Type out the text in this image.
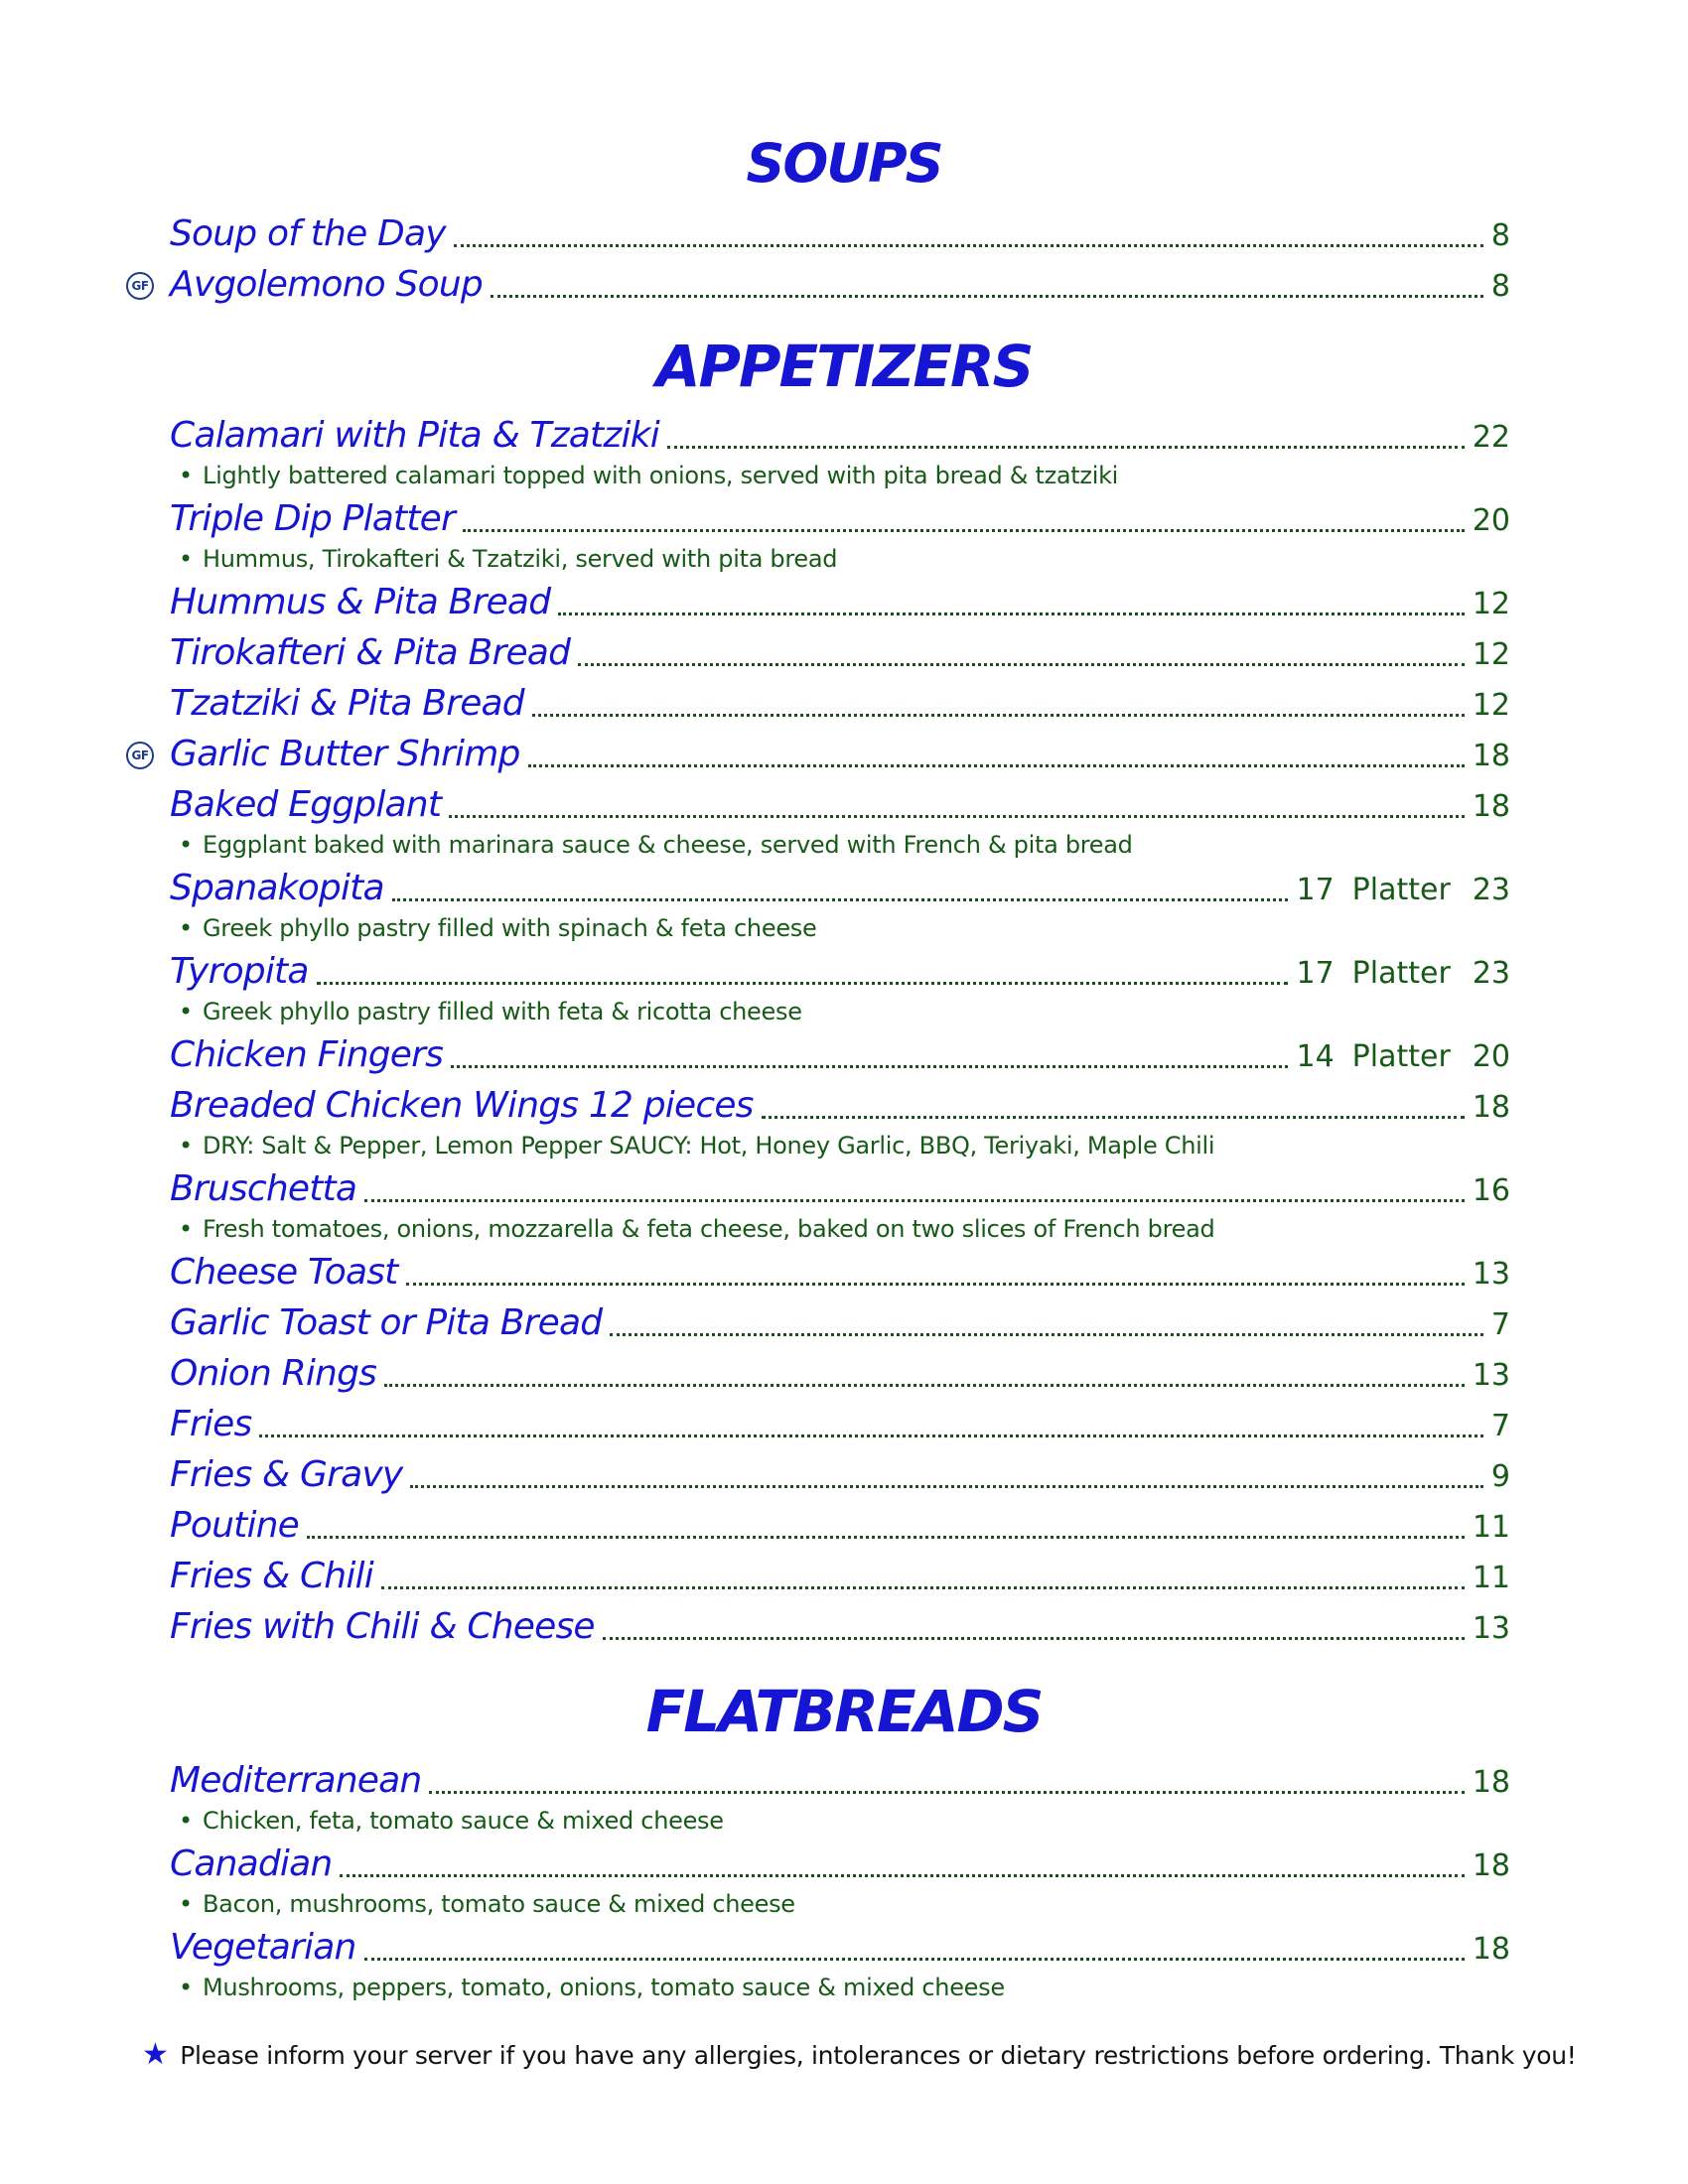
SOUPS
Soup of the Day	8
GF Avgolemono Soup	8
APPETIZERS
Calamari with Pita & Tzatziki	22
• Lightly battered calamari topped with onions, served with pita bread & tzatziki
Triple Dip Platter	20
• Hummus, Tirokafteri & Tzatziki, served with pita bread
Hummus & Pita Bread	12
Tirokafteri & Pita Bread	12
Tzatziki & Pita Bread	12
GF Garlic Butter Shrimp	18
Baked Eggplant	18
• Eggplant baked with marinara sauce & cheese, served with French & pita bread
Spanakopita	17 Platter 23
• Greek phyllo pastry filled with spinach & feta cheese
Tyropita	17 Platter 23
• Greek phyllo pastry filled with feta & ricotta cheese
Chicken Fingers	14 Platter 20
Breaded Chicken Wings 12 pieces	18
• DRY: Salt & Pepper, Lemon Pepper SAUCY: Hot, Honey Garlic, BBQ, Teriyaki, Maple Chili
Bruschetta	16
• Fresh tomatoes, onions, mozzarella & feta cheese, baked on two slices of French bread
Cheese Toast	13
Garlic Toast or Pita Bread	7
Onion Rings	13
Fries	7
Fries & Gravy	9
Poutine	11
Fries & Chili	11
Fries with Chili & Cheese	13
FLATBREADS
Mediterranean	18
• Chicken, feta, tomato sauce & mixed cheese
Canadian	18
• Bacon, mushrooms, tomato sauce & mixed cheese
Vegetarian	18
• Mushrooms, peppers, tomato, onions, tomato sauce & mixed cheese
★ Please inform your server if you have any allergies, intolerances or dietary restrictions before ordering. Thank you!
